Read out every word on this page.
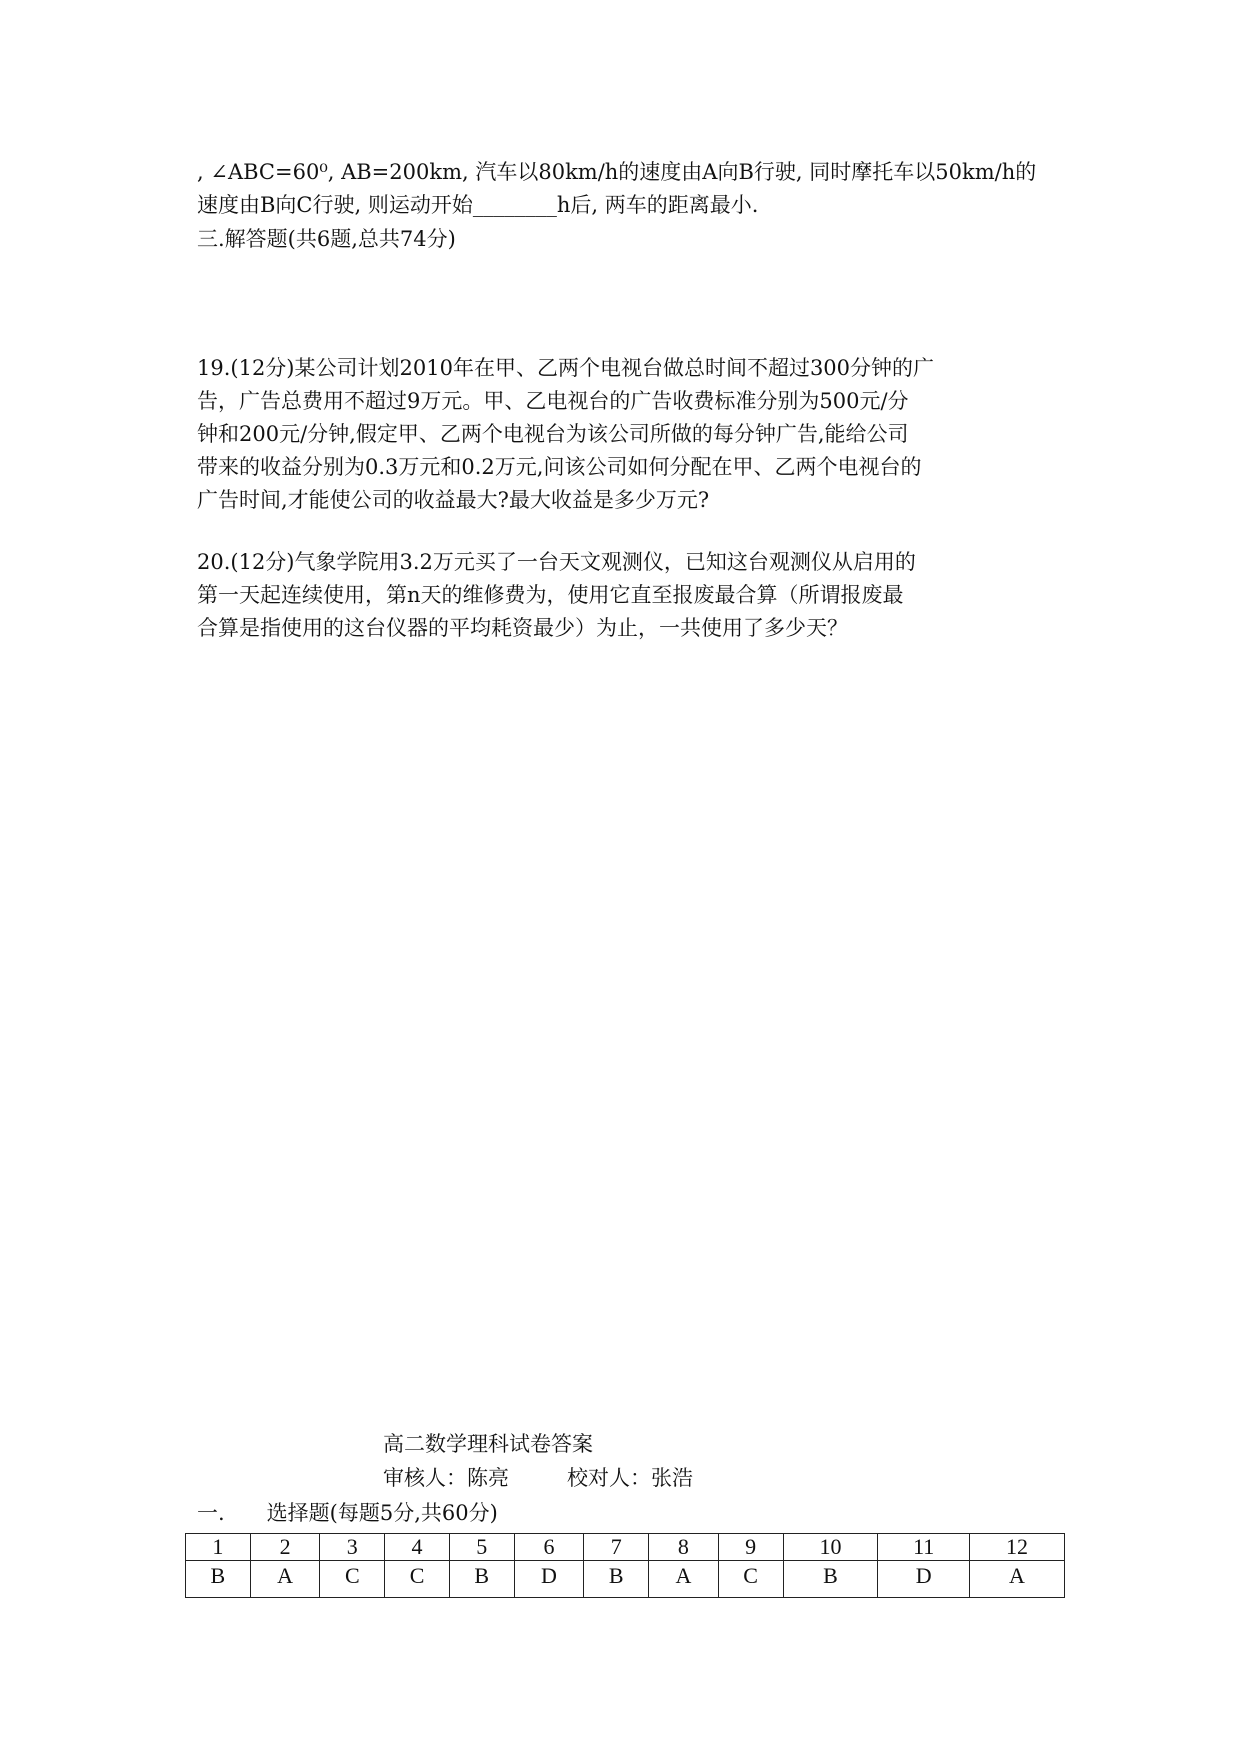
, ∠ABC=60⁰, AB=200km, 汽车以80km/h的速度由A向B行驶, 同时摩托车以50km/h的
速度由B向C行驶, 则运动开始________h后, 两车的距离最小.
三.解答题(共6题,总共74分)
19.(12分)某公司计划2010年在甲、乙两个电视台做总时间不超过300分钟的广
告，广告总费用不超过9万元。甲、乙电视台的广告收费标准分别为500元/分
钟和200元/分钟,假定甲、乙两个电视台为该公司所做的每分钟广告,能给公司
带来的收益分别为0.3万元和0.2万元,问该公司如何分配在甲、乙两个电视台的
广告时间,才能使公司的收益最大?最大收益是多少万元?
20.(12分)气象学院用3.2万元买了一台天文观测仪，已知这台观测仪从启用的
第一天起连续使用，第n天的维修费为，使用它直至报废最合算（所谓报废最
合算是指使用的这台仪器的平均耗资最少）为止，一共使用了多少天？
高二数学理科试卷答案
审核人：陈亮	校对人：张浩
一.　　选择题(每题5分,共60分)
1	2	3	4	5	6	7	8	9	10	11	12
B	A	C	C	B	D	B	A	C	B	D	A
